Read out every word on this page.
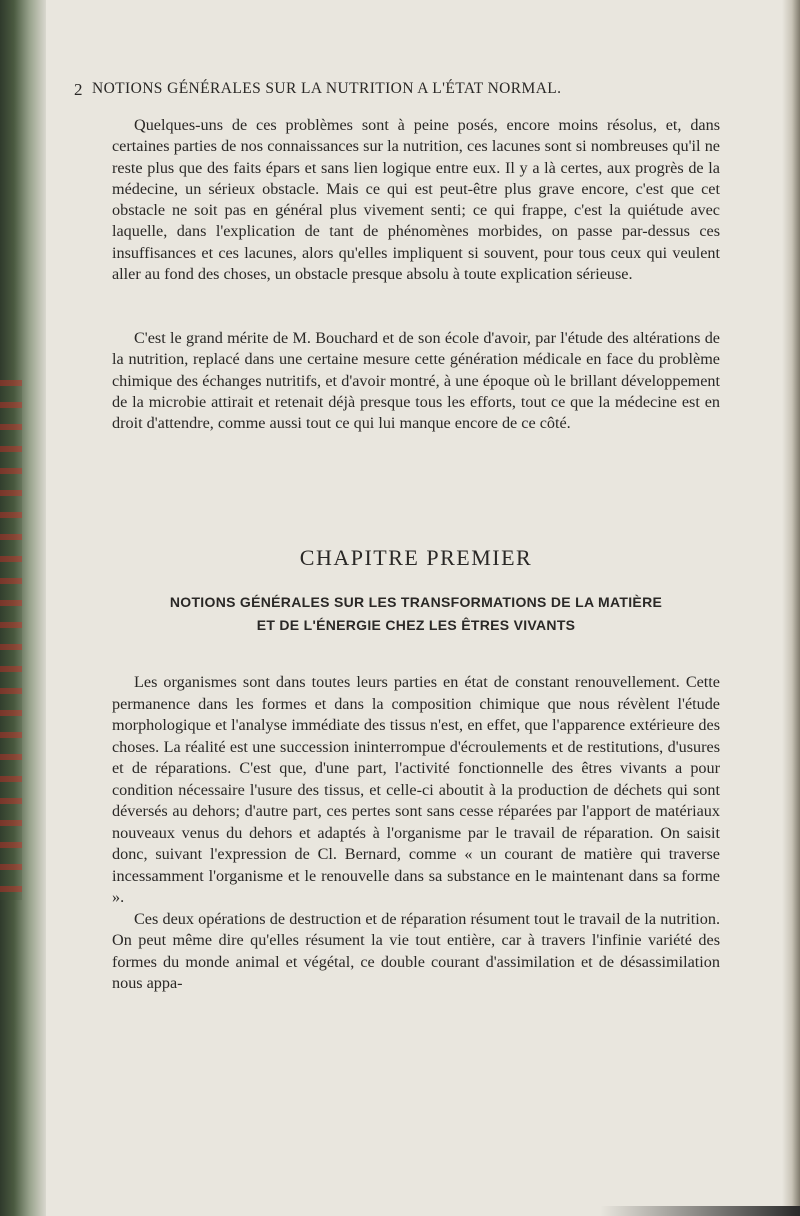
2 NOTIONS GÉNÉRALES SUR LA NUTRITION A L'ÉTAT NORMAL.
Quelques-uns de ces problèmes sont à peine posés, encore moins résolus, et, dans certaines parties de nos connaissances sur la nutrition, ces lacunes sont si nombreuses qu'il ne reste plus que des faits épars et sans lien logique entre eux. Il y a là certes, aux progrès de la médecine, un sérieux obstacle. Mais ce qui est peut-être plus grave encore, c'est que cet obstacle ne soit pas en général plus vivement senti; ce qui frappe, c'est la quiétude avec laquelle, dans l'explication de tant de phénomènes morbides, on passe par-dessus ces insuffisances et ces lacunes, alors qu'elles impliquent si souvent, pour tous ceux qui veulent aller au fond des choses, un obstacle presque absolu à toute explication sérieuse.
C'est le grand mérite de M. Bouchard et de son école d'avoir, par l'étude des altérations de la nutrition, replacé dans une certaine mesure cette génération médicale en face du problème chimique des échanges nutritifs, et d'avoir montré, à une époque où le brillant développement de la microbie attirait et retenait déjà presque tous les efforts, tout ce que la médecine est en droit d'attendre, comme aussi tout ce qui lui manque encore de ce côté.
CHAPITRE PREMIER
NOTIONS GÉNÉRALES SUR LES TRANSFORMATIONS DE LA MATIÈRE
ET DE L'ÉNERGIE CHEZ LES ÊTRES VIVANTS
Les organismes sont dans toutes leurs parties en état de constant renouvellement. Cette permanence dans les formes et dans la composition chimique que nous révèlent l'étude morphologique et l'analyse immédiate des tissus n'est, en effet, que l'apparence extérieure des choses. La réalité est une succession ininterrompue d'écroulements et de restitutions, d'usures et de réparations. C'est que, d'une part, l'activité fonctionnelle des êtres vivants a pour condition nécessaire l'usure des tissus, et celle-ci aboutit à la production de déchets qui sont déversés au dehors; d'autre part, ces pertes sont sans cesse réparées par l'apport de matériaux nouveaux venus du dehors et adaptés à l'organisme par le travail de réparation. On saisit donc, suivant l'expression de Cl. Bernard, comme « un courant de matière qui traverse incessamment l'organisme et le renouvelle dans sa substance en le maintenant dans sa forme ».
Ces deux opérations de destruction et de réparation résument tout le travail de la nutrition. On peut même dire qu'elles résument la vie tout entière, car à travers l'infinie variété des formes du monde animal et végétal, ce double courant d'assimilation et de désassimilation nous appa-
